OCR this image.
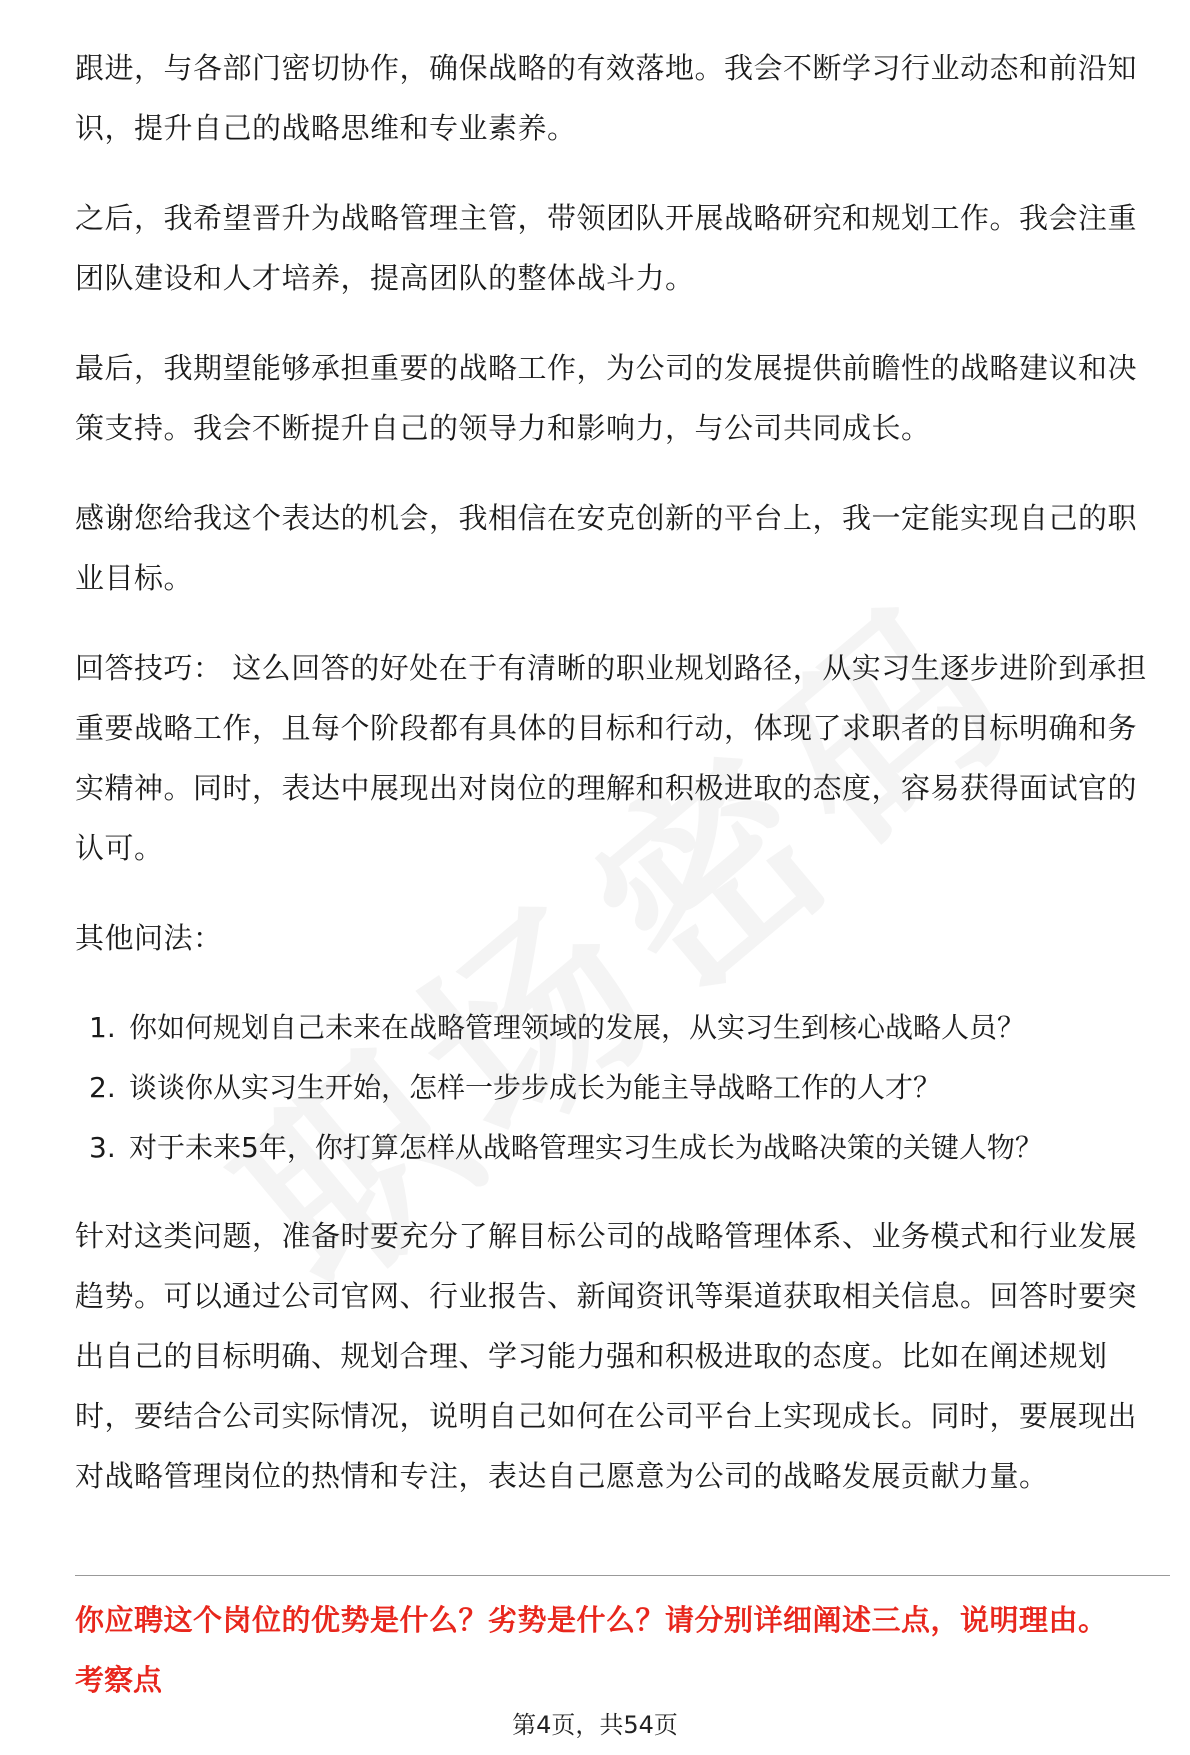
跟进，与各部门密切协作，确保战略的有效落地。我会不断学习行业动态和前沿知识，提升自己的战略思维和专业素养。

之后，我希望晋升为战略管理主管，带领团队开展战略研究和规划工作。我会注重团队建设和人才培养，提高团队的整体战斗力。

最后，我期望能够承担重要的战略工作，为公司的发展提供前瞻性的战略建议和决策支持。我会不断提升自己的领导力和影响力，与公司共同成长。

感谢您给我这个表达的机会，我相信在安克创新的平台上，我一定能实现自己的职业目标。

回答技巧： 这么回答的好处在于有清晰的职业规划路径，从实习生逐步进阶到承担重要战略工作，且每个阶段都有具体的目标和行动，体现了求职者的目标明确和务实精神。同时，表达中展现出对岗位的理解和积极进取的态度，容易获得面试官的认可。

其他问法：

1. 你如何规划自己未来在战略管理领域的发展，从实习生到核心战略人员？
2. 谈谈你从实习生开始，怎样一步步成长为能主导战略工作的人才？
3. 对于未来5年，你打算怎样从战略管理实习生成长为战略决策的关键人物？

针对这类问题，准备时要充分了解目标公司的战略管理体系、业务模式和行业发展趋势。可以通过公司官网、行业报告、新闻资讯等渠道获取相关信息。回答时要突出自己的目标明确、规划合理、学习能力强和积极进取的态度。比如在阐述规划时，要结合公司实际情况，说明自己如何在公司平台上实现成长。同时，要展现出对战略管理岗位的热情和专注，表达自己愿意为公司的战略发展贡献力量。

你应聘这个岗位的优势是什么？劣势是什么？请分别详细阐述三点，说明理由。
考察点
第4页，共54页
